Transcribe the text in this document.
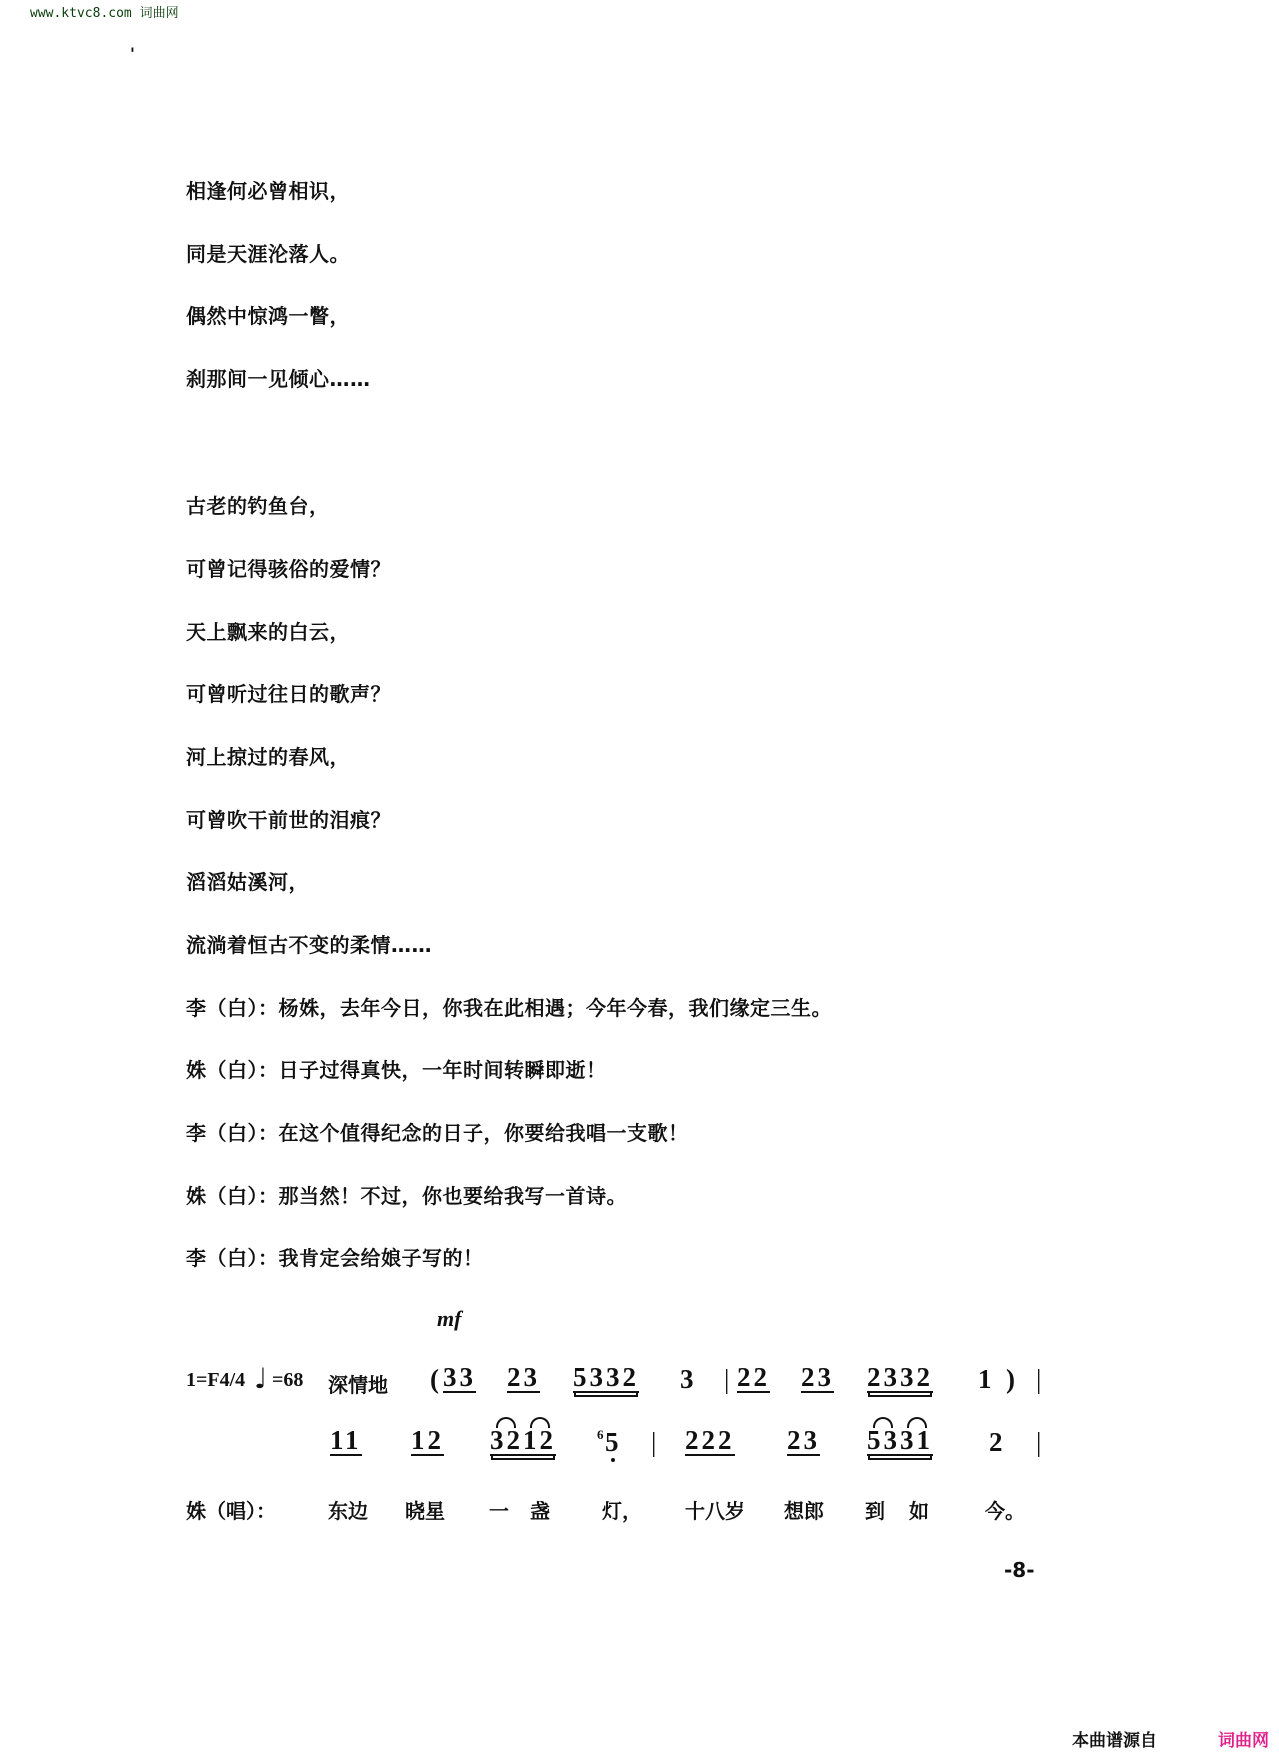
www.ktvc8.com 词曲网
ꞌ
相逢何必曾相识，
同是天涯沦落人。
偶然中惊鸿一瞥，
刹那间一见倾心……
古老的钓鱼台，
可曾记得骇俗的爱情？
天上飘来的白云，
可曾听过往日的歌声？
河上掠过的春风，
可曾吹干前世的泪痕？
滔滔姑溪河，
流淌着恒古不变的柔情……
李（白）：杨姝，去年今日，你我在此相遇；今年今春，我们缘定三生。
姝（白）：日子过得真快，一年时间转瞬即逝！
李（白）：在这个值得纪念的日子，你要给我唱一支歌！
姝（白）：那当然！不过，你也要给我写一首诗。
李（白）：我肯定会给娘子写的！
mf
1=F4/4 ♩ =68 深情地 ( 33 23 5332 3 | 22 23 2332 1 ) |
11 12 3212	6 5 | 222 23 5331 2 |
姝（唱）：	东边 晓星 一 盏	灯， 十八岁 想郎 到 如	今。
-8-
本曲谱源自	词曲网
